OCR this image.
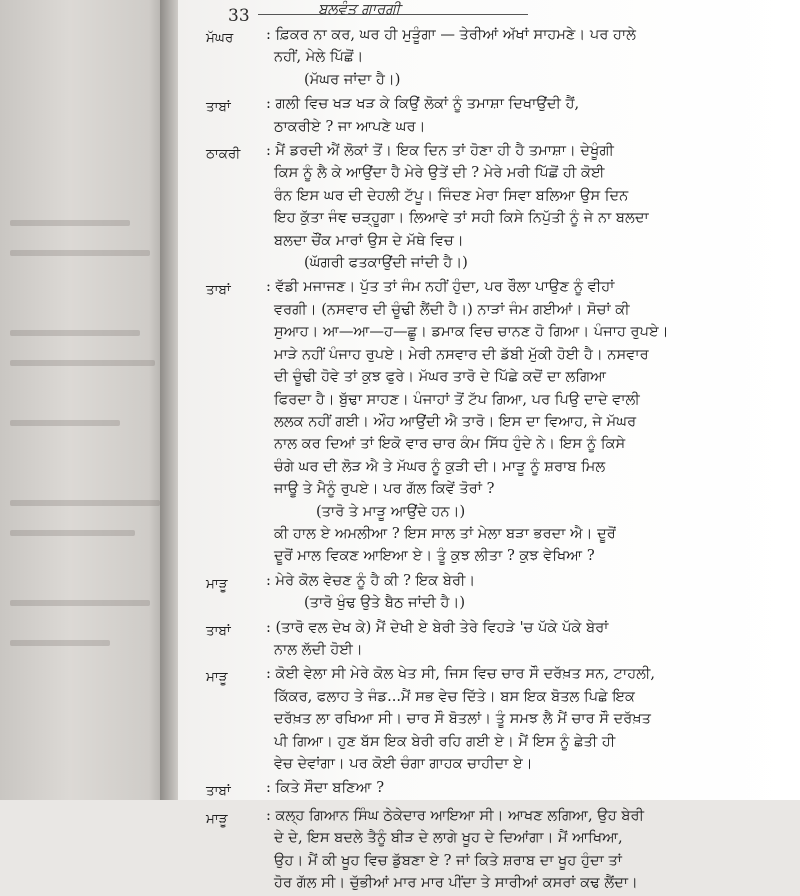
33	ਬਲਵੰਤ ਗਾਰਗੀ
ਮੱਘਰ	: ਫ਼ਿਕਰ ਨਾ ਕਰ, ਘਰ ਹੀ ਮੁੜੂੰਗਾ — ਤੇਰੀਆਂ ਅੱਖਾਂ ਸਾਹਮਣੇ। ਪਰ ਹਾਲੇ
ਨਹੀਂ, ਮੇਲੇ ਪਿੱਛੋਂ।
(ਮੱਘਰ ਜਾਂਦਾ ਹੈ।)
ਤਾਬਾਂ	: ਗਲੀ ਵਿਚ ਖੜ ਖੜ ਕੇ ਕਿਉਂ ਲੋਕਾਂ ਨੂੰ ਤਮਾਸ਼ਾ ਦਿਖਾਉਂਦੀ ਹੈਂ,
ਠਾਕਰੀਏ ? ਜਾ ਆਪਣੇ ਘਰ।
ਠਾਕਰੀ	: ਮੈਂ ਡਰਦੀ ਐਂ ਲੋਕਾਂ ਤੋਂ। ਇਕ ਦਿਨ ਤਾਂ ਹੋਣਾ ਹੀ ਹੈ ਤਮਾਸ਼ਾ। ਦੇਖੂੰਗੀ
ਕਿਸ ਨੂੰ ਲੈ ਕੇ ਆਉਂਦਾ ਹੈ ਮੇਰੇ ਉਤੇਂ ਦੀ ? ਮੇਰੇ ਮਰੀ ਪਿੱਛੋਂ ਹੀ ਕੋਈ
ਰੰਨ ਇਸ ਘਰ ਦੀ ਦੇਹਲੀ ਟੱਪੂ। ਜਿੰਦਣ ਮੇਰਾ ਸਿਵਾ ਬਲਿਆ ਉਸ ਦਿਨ
ਇਹ ਕੁੱਤਾ ਜੰਞ ਚੜ੍ਹੂਗਾ। ਲਿਆਵੇ ਤਾਂ ਸਹੀ ਕਿਸੇ ਨਿਪੁੱਤੀ ਨੂੰ ਜੇ ਨਾ ਬਲਦਾ
ਬਲਦਾ ਚੌਂਕ ਮਾਰਾਂ ਉਸ ਦੇ ਮੱਥੇ ਵਿਚ।
(ਘੱਗਰੀ ਫਤਕਾਉਂਦੀ ਜਾਂਦੀ ਹੈ।)
ਤਾਬਾਂ	: ਵੱਡੀ ਮਜਾਜਣ। ਪੁੱਤ ਤਾਂ ਜੰਮ ਨਹੀਂ ਹੁੰਦਾ, ਪਰ ਰੌਲਾ ਪਾਉਣ ਨੂੰ ਵੀਹਾਂ
ਵਰਗੀ। (ਨਸਵਾਰ ਦੀ ਚੂੰਢੀ ਲੈਂਦੀ ਹੈ।) ਨਾੜਾਂ ਜੰਮ ਗਈਆਂ। ਸੋਚਾਂ ਕੀ
ਸੁਆਹ। ਆ—ਆ—ਹ—ਛੂ। ਡਮਾਕ ਵਿਚ ਚਾਨਣ ਹੋ ਗਿਆ। ਪੰਜਾਹ ਰੁਪਏ।
ਮਾੜੇ ਨਹੀਂ ਪੰਜਾਹ ਰੁਪਏ। ਮੇਰੀ ਨਸਵਾਰ ਦੀ ਡੱਬੀ ਮੁੱਕੀ ਹੋਈ ਹੈ। ਨਸਵਾਰ
ਦੀ ਚੂੰਢੀ ਹੋਵੇ ਤਾਂ ਕੁਝ ਫੁਰੇ। ਮੱਘਰ ਤਾਰੋ ਦੇ ਪਿੱਛੇ ਕਦੋਂ ਦਾ ਲਗਿਆ
ਫਿਰਦਾ ਹੈ। ਬੁੱਢਾ ਸਾਹਣ। ਪੰਜਾਹਾਂ ਤੋਂ ਟੱਪ ਗਿਆ, ਪਰ ਪਿਉ ਦਾਦੇ ਵਾਲੀ
ਲਲਕ ਨਹੀਂ ਗਈ। ਔਹ ਆਉਂਦੀ ਐ ਤਾਰੋ। ਇਸ ਦਾ ਵਿਆਹ, ਜੇ ਮੱਘਰ
ਨਾਲ ਕਰ ਦਿਆਂ ਤਾਂ ਇਕੋ ਵਾਰ ਚਾਰ ਕੰਮ ਸਿੱਧ ਹੁੰਦੇ ਨੇ। ਇਸ ਨੂੰ ਕਿਸੇ
ਚੰਗੇ ਘਰ ਦੀ ਲੋੜ ਐ ਤੇ ਮੱਘਰ ਨੂੰ ਕੁੜੀ ਦੀ। ਮਾੜੂ ਨੂੰ ਸ਼ਰਾਬ ਮਿਲ
ਜਾਊ ਤੇ ਮੈਨੂੰ ਰੁਪਏ। ਪਰ ਗੱਲ ਕਿਵੇਂ ਤੋਰਾਂ ?
(ਤਾਰੋ ਤੇ ਮਾੜੂ ਆਉਂਦੇ ਹਨ।)
ਕੀ ਹਾਲ ਏ ਅਮਲੀਆ ? ਇਸ ਸਾਲ ਤਾਂ ਮੇਲਾ ਬੜਾ ਭਰਦਾ ਐ। ਦੂਰੋਂ
ਦੂਰੋਂ ਮਾਲ ਵਿਕਣ ਆਇਆ ਏ। ਤੂੰ ਕੁਝ ਲੀਤਾ ? ਕੁਝ ਵੇਖਿਆ ?
ਮਾੜੂ	: ਮੇਰੇ ਕੋਲ ਵੇਚਣ ਨੂੰ ਹੈ ਕੀ ? ਇਕ ਬੇਰੀ।
(ਤਾਰੋ ਖੁੰਢ ਉਤੇ ਬੈਠ ਜਾਂਦੀ ਹੈ।)
ਤਾਬਾਂ	: (ਤਾਰੋ ਵਲ ਦੇਖ ਕੇ) ਮੈਂ ਦੇਖੀ ਏ ਬੇਰੀ ਤੇਰੇ ਵਿਹੜੇ 'ਚ ਪੱਕੇ ਪੱਕੇ ਬੇਰਾਂ
ਨਾਲ ਲੱਦੀ ਹੋਈ।
ਮਾੜੂ	: ਕੋਈ ਵੇਲਾ ਸੀ ਮੇਰੇ ਕੋਲ ਖੇਤ ਸੀ, ਜਿਸ ਵਿਚ ਚਾਰ ਸੌ ਦਰੱਖ਼ਤ ਸਨ, ਟਾਹਲੀ,
ਕਿੱਕਰ, ਫਲਾਹ ਤੇ ਜੰਡ...ਮੈਂ ਸਭ ਵੇਚ ਦਿੱਤੇ। ਬਸ ਇਕ ਬੋਤਲ ਪਿਛੇ ਇਕ
ਦਰੱਖ਼ਤ ਲਾ ਰਖਿਆ ਸੀ। ਚਾਰ ਸੌ ਬੋਤਲਾਂ। ਤੂੰ ਸਮਝ ਲੈ ਮੈਂ ਚਾਰ ਸੌ ਦਰੱਖ਼ਤ
ਪੀ ਗਿਆ। ਹੁਣ ਬੱਸ ਇਕ ਬੇਰੀ ਰਹਿ ਗਈ ਏ। ਮੈਂ ਇਸ ਨੂੰ ਛੇਤੀ ਹੀ
ਵੇਚ ਦੇਵਾਂਗਾ। ਪਰ ਕੋਈ ਚੰਗਾ ਗਾਹਕ ਚਾਹੀਦਾ ਏ।
ਤਾਬਾਂ	: ਕਿਤੇ ਸੌਦਾ ਬਣਿਆ ?
ਮਾੜੂ	: ਕਲ੍ਹ ਗਿਆਨ ਸਿੰਘ ਠੇਕੇਦਾਰ ਆਇਆ ਸੀ। ਆਖਣ ਲਗਿਆ, ਉਹ ਬੇਰੀ
ਦੇ ਦੇ, ਇਸ ਬਦਲੇ ਤੈਨੂੰ ਬੀੜ ਦੇ ਲਾਗੇ ਖੂਹ ਦੇ ਦਿਆਂਗਾ। ਮੈਂ ਆਖਿਆ,
ਉਹ। ਮੈਂ ਕੀ ਖੂਹ ਵਿਚ ਡੁੱਬਣਾ ਏ ? ਜਾਂ ਕਿਤੇ ਸ਼ਰਾਬ ਦਾ ਖੂਹ ਹੁੰਦਾ ਤਾਂ
ਹੋਰ ਗੱਲ ਸੀ। ਚੁੱਭੀਆਂ ਮਾਰ ਮਾਰ ਪੀਂਦਾ ਤੇ ਸਾਰੀਆਂ ਕਸਰਾਂ ਕਢ ਲੈਂਦਾ।
